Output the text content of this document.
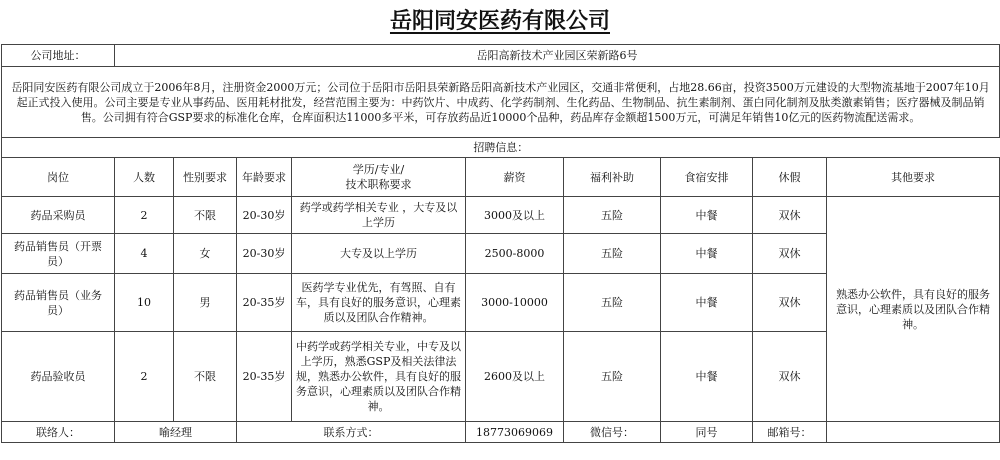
岳阳同安医药有限公司
公司地址：	岳阳高新技术产业园区荣新路6号								
岳阳同安医药有限公司成立于2006年8月，注册资金2000万元；公司位于岳阳市岳阳县荣新路岳阳高新技术产业园区，交通非常便利，占地28.66亩，投资3500万元建设的大型物流基地于2007年10月起正式投入使用。公司主要是专业从事药品、医用耗材批发，经营范围主要为：中药饮片、中成药、化学药制剂、生化药品、生物制品、抗生素制剂、蛋白同化制剂及肽类激素销售；医疗器械及制品销售。公司拥有符合GSP要求的标准化仓库，仓库面积达11000多平米，可存放药品近10000个品种，药品库存金额超1500万元，可满足年销售10亿元的医药物流配送需求。									
招聘信息：									
岗位	人数	性别要求	年龄要求	学历/专业/
技术职称要求	薪资	福利补助	食宿安排	休假	其他要求
药品采购员	2	不限	20-30岁	药学或药学相关专业 ，大专及以上学历	3000及以上	五险	中餐	双休	熟悉办公软件，具有良好的服务意识，心理素质以及团队合作精神。
药品销售员（开票员）	4	女	20-30岁	大专及以上学历	2500-8000	五险	中餐	双休	
药品销售员（业务员）	10	男	20-35岁	医药学专业优先，有驾照、自有车，具有良好的服务意识，心理素质以及团队合作精神。	3000-10000	五险	中餐	双休	
药品验收员	2	不限	20-35岁	中药学或药学相关专业，中专及以上学历，熟悉GSP及相关法律法规，熟悉办公软件，具有良好的服务意识，心理素质以及团队合作精神。	2600及以上	五险	中餐	双休	
联络人：	喻经理		联系方式：		18773069069	微信号：	同号	邮箱号：	
